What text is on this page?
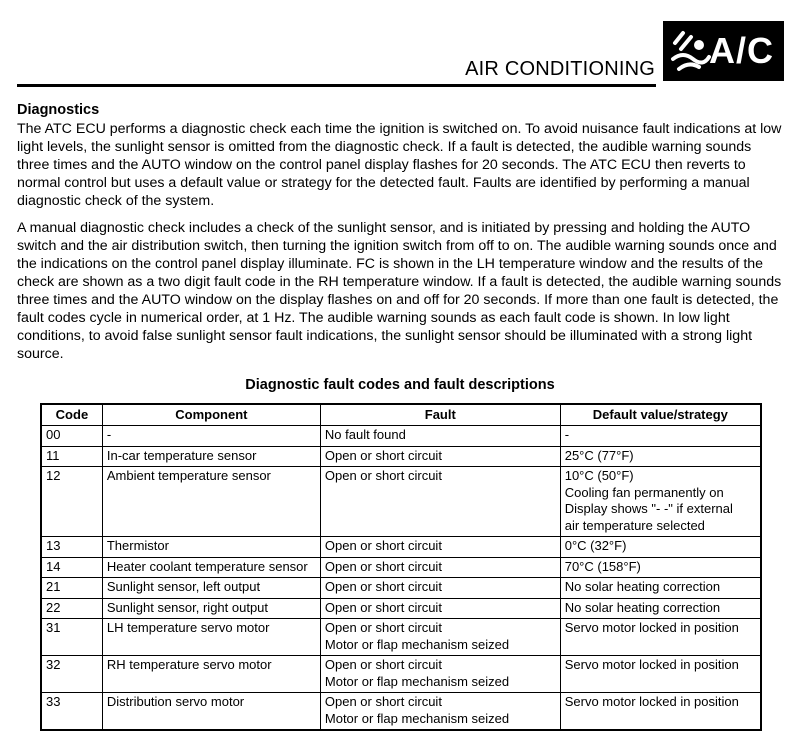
AIR CONDITIONING A/C
Diagnostics

The ATC ECU performs a diagnostic check each time the ignition is switched on. To avoid nuisance fault indications at low light levels, the sunlight sensor is omitted from the diagnostic check. If a fault is detected, the audible warning sounds three times and the AUTO window on the control panel display flashes for 20 seconds. The ATC ECU then reverts to normal control but uses a default value or strategy for the detected fault. Faults are identified by performing a manual diagnostic check of the system.

A manual diagnostic check includes a check of the sunlight sensor, and is initiated by pressing and holding the AUTO switch and the air distribution switch, then turning the ignition switch from off to on. The audible warning sounds once and the indications on the control panel display illuminate. FC is shown in the LH temperature window and the results of the check are shown as a two digit fault code in the RH temperature window. If a fault is detected, the audible warning sounds three times and the AUTO window on the display flashes on and off for 20 seconds. If more than one fault is detected, the fault codes cycle in numerical order, at 1 Hz. The audible warning sounds as each fault code is shown. In low light conditions, to avoid false sunlight sensor fault indications, the sunlight sensor should be illuminated with a strong light source.

Diagnostic fault codes and fault descriptions
Code	Component	Fault	Default value/strategy
00	-	No fault found	-

11	In-car temperature sensor	Open or short circuit	25°C (77°F)

12	Ambient temperature sensor	Open or short circuit	10°C (50°F)
Cooling fan permanently on
Display shows "- -" if external
air temperature selected

13	Thermistor	Open or short circuit	0°C (32°F)

14	Heater coolant temperature sensor	Open or short circuit	70°C (158°F)

21	Sunlight sensor, left output	Open or short circuit	No solar heating correction

22	Sunlight sensor, right output	Open or short circuit	No solar heating correction

31	LH temperature servo motor	Open or short circuit
Motor or flap mechanism seized	Servo motor locked in position

32	RH temperature servo motor	Open or short circuit
Motor or flap mechanism seized	Servo motor locked in position

33	Distribution servo motor	Open or short circuit
Motor or flap mechanism seized	Servo motor locked in position
